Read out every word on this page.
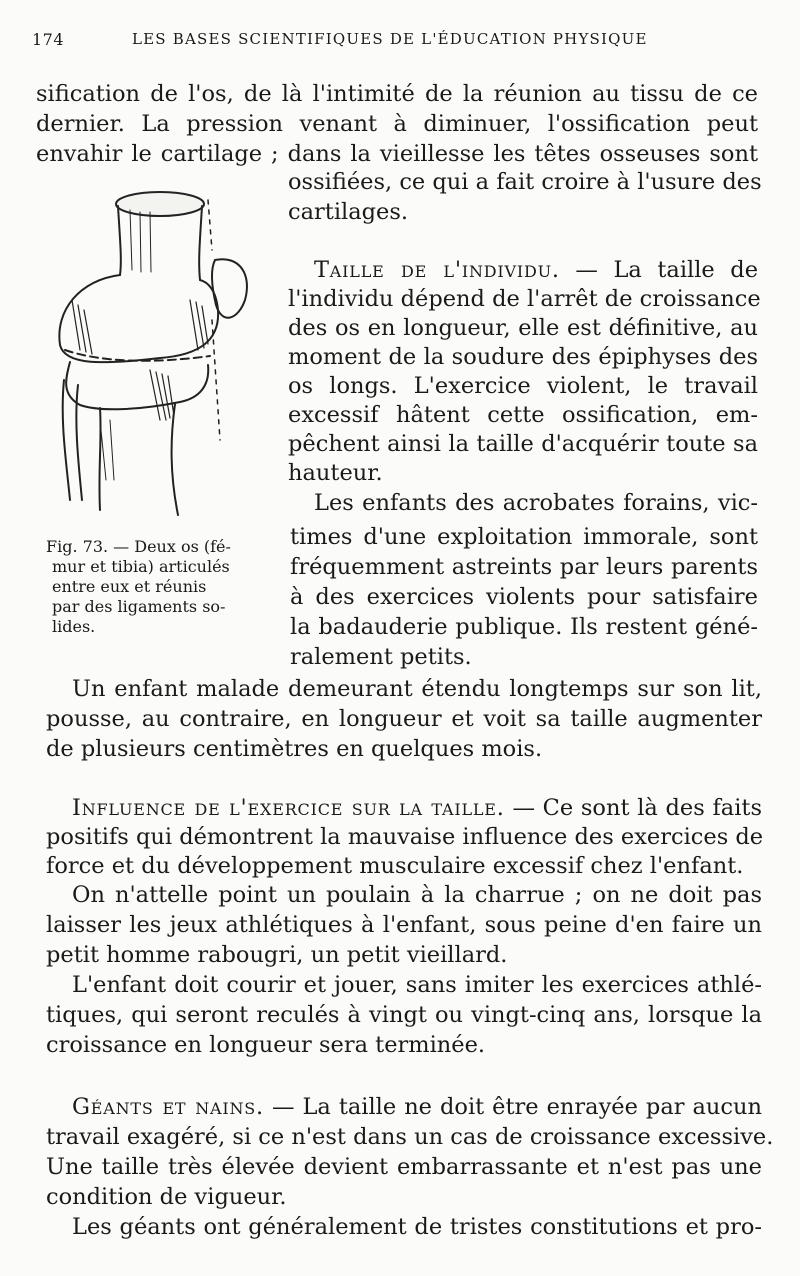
174	LES BASES SCIENTIFIQUES DE L'ÉDUCATION PHYSIQUE
sification de l'os, de là l'intimité de la réunion au tissu de ce
dernier. La pression venant à diminuer, l'ossification peut
envahir le cartilage ; dans la vieillesse les têtes osseuses sont
ossifiées, ce qui a fait croire à l'usure des
cartilages.
Taille de l'individu. — La taille de
l'individu dépend de l'arrêt de croissance
des os en longueur, elle est définitive, au
moment de la soudure des épiphyses des
os longs. L'exercice violent, le travail
excessif hâtent cette ossification, em-
pêchent ainsi la taille d'acquérir toute sa
hauteur.
Les enfants des acrobates forains, vic-
times d'une exploitation immorale, sont
fréquemment astreints par leurs parents
à des exercices violents pour satisfaire
la badauderie publique. Ils restent géné-
ralement petits.
Fig. 73. — Deux os (fé-
mur et tibia) articulés
entre eux et réunis
par des ligaments so-
lides.
Un enfant malade demeurant étendu longtemps sur son lit,
pousse, au contraire, en longueur et voit sa taille augmenter
de plusieurs centimètres en quelques mois.
Influence de l'exercice sur la taille. — Ce sont là des faits
positifs qui démontrent la mauvaise influence des exercices de
force et du développement musculaire excessif chez l'enfant.
On n'attelle point un poulain à la charrue ; on ne doit pas
laisser les jeux athlétiques à l'enfant, sous peine d'en faire un
petit homme rabougri, un petit vieillard.
L'enfant doit courir et jouer, sans imiter les exercices athlé-
tiques, qui seront reculés à vingt ou vingt-cinq ans, lorsque la
croissance en longueur sera terminée.
Géants et nains. — La taille ne doit être enrayée par aucun
travail exagéré, si ce n'est dans un cas de croissance excessive.
Une taille très élevée devient embarrassante et n'est pas une
condition de vigueur.
Les géants ont généralement de tristes constitutions et pro-
